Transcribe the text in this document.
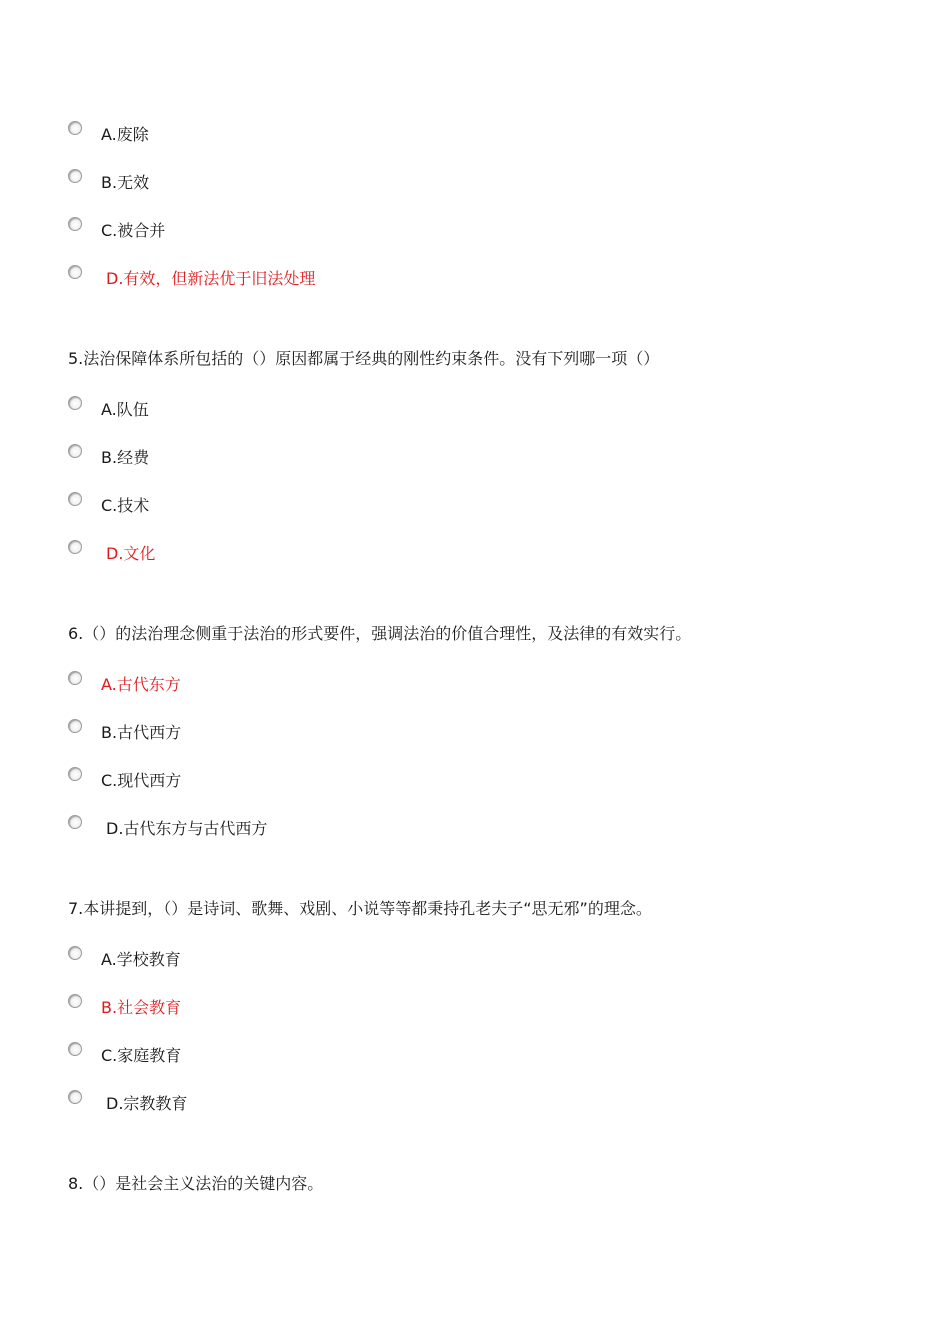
A.废除
B.无效
C.被合并
D.有效，但新法优于旧法处理
5.法治保障体系所包括的（）原因都属于经典的刚性约束条件。没有下列哪一项（）
A.队伍
B.经费
C.技术
D.文化
6.（）的法治理念侧重于法治的形式要件，强调法治的价值合理性，及法律的有效实行。
A.古代东方
B.古代西方
C.现代西方
D.古代东方与古代西方
7.本讲提到，（）是诗词、歌舞、戏剧、小说等等都秉持孔老夫子“思无邪”的理念。
A.学校教育
B.社会教育
C.家庭教育
D.宗教教育
8.（）是社会主义法治的关键内容。
